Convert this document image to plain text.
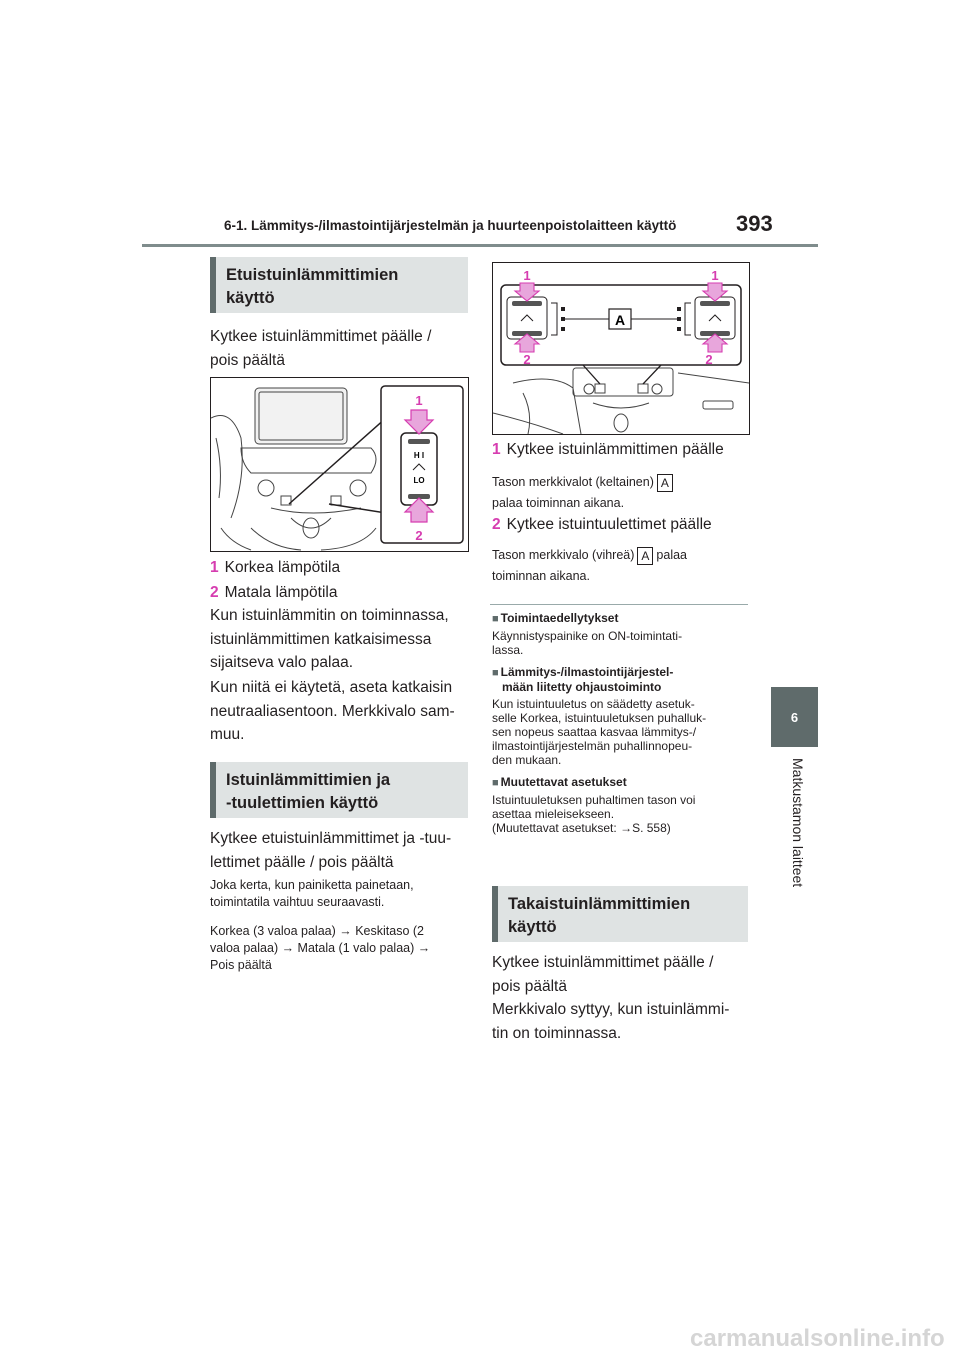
6-1. Lämmitys-/ilmastointijärjestelmän ja huurteenpoistolaitteen käyttö	393
6
Matkustamon laitteet
Etuistuinlämmittimien
käyttö
Kytkee istuinlämmittimet päälle /
pois päältä
H I
LO
1
2
1 Korkea lämpötila
2 Matala lämpötila
Kun istuinlämmitin on toiminnassa,
istuinlämmittimen katkaisimessa
sijaitseva valo palaa.
Kun niitä ei käytetä, aseta katkaisin
neutraaliasentoon. Merkkivalo sam-
muu.
Istuinlämmittimien ja
-tuulettimien käyttö
Kytkee etuistuinlämmittimet ja -tuu-
lettimet päälle / pois päältä
Joka kerta, kun painiketta painetaan,
toimintatila vaihtuu seuraavasti.
Korkea (3 valoa palaa) → Keskitaso (2
valoa palaa) → Matala (1 valo palaa) →
Pois päältä
A
1	1
2	2
1 Kytkee istuinlämmittimen päälle
Tason merkkivalot (keltainen) A
palaa toiminnan aikana.
2 Kytkee istuintuulettimet päälle
Tason merkkivalo (vihreä) A palaa
toiminnan aikana.
■ Toimintaedellytykset
Käynnistyspainike on ON-toimintati-
lassa.
■ Lämmitys-/ilmastointijärjestel-
mään liitetty ohjaustoiminto
Kun istuintuuletus on säädetty asetuk-
selle Korkea, istuintuuletuksen puhalluk-
sen nopeus saattaa kasvaa lämmitys-/
ilmastointijärjestelmän puhallinnopeu-
den mukaan.
■ Muutettavat asetukset
Istuintuuletuksen puhaltimen tason voi
asettaa mieleisekseen.
(Muutettavat asetukset: →S. 558)
Takaistuinlämmittimien
käyttö
Kytkee istuinlämmittimet päälle /
pois päältä
Merkkivalo syttyy, kun istuinlämmi-
tin on toiminnassa.
carmanualsonline.info
